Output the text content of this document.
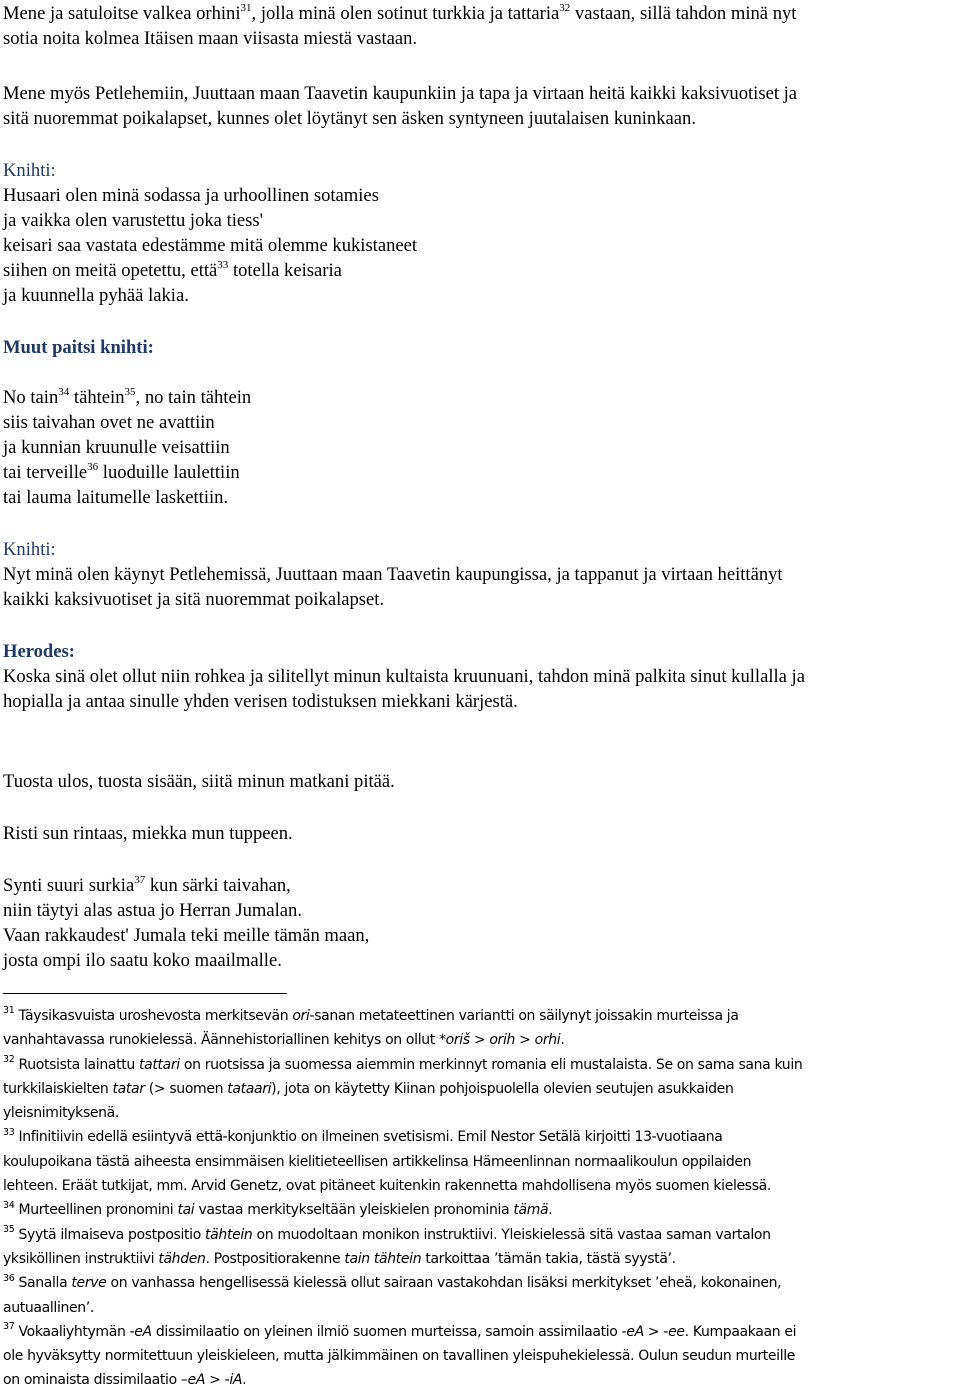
Mene ja satuloitse valkea orhini$^{31}$, jolla minä olen sotinut turkkia ja tattaria$^{32}$ vastaan, sillä tahdon minä nyt
sotia noita kolmea Itäisen maan viisasta miestä vastaan.

Mene myös Petlehemiin, Juuttaan maan Taavetin kaupunkiin ja tapa ja virtaan heitä kaikki kaksivuotiset ja
sitä nuoremmat poikalapset, kunnes olet löytänyt sen äsken syntyneen juutalaisen kuninkaan.

Knihti:
Husaari olen minä sodassa ja urhoollinen sotamies
ja vaikka olen varustettu joka tiess'
keisari saa vastata edestämme mitä olemme kukistaneet
siihen on meitä opetettu, että$^{33}$ totella keisaria
ja kuunnella pyhää lakia.
Muut paitsi knihti:
No tain$^{34}$ tähtein$^{35}$, no tain tähtein
siis taivahan ovet ne avattiin
ja kunnian kruunulle veisattiin
tai terveille$^{36}$ luoduille laulettiin
tai lauma laitumelle laskettiin.
Knihti:
Nyt minä olen käynyt Petlehemissä, Juuttaan maan Taavetin kaupungissa, ja tappanut ja virtaan heittänyt
kaikki kaksivuotiset ja sitä nuoremmat poikalapset.
Herodes:
Koska sinä olet ollut niin rohkea ja silitellyt minun kultaista kruunuani, tahdon minä palkita sinut kullalla ja
hopialla ja antaa sinulle yhden verisen todistuksen miekkani kärjestä.
Tuosta ulos, tuosta sisään, siitä minun matkani pitää.
Risti sun rintaas, miekka mun tuppeen.
Synti suuri surkia$^{37}$ kun särki taivahan,
niin täytyi alas astua jo Herran Jumalan.
Vaan rakkaudest' Jumala teki meille tämän maan,
josta ompi ilo saatu koko maailmalle.
$^{31}$ Täysikasvuista uroshevosta merkitsevän ori-sanan metateettinen variantti on säilynyt joissakin murteissa ja
vanhahtavassa runokielessä. Äännehistoriallinen kehitys on ollut *oriš > orih > orhi.
$^{32}$ Ruotsista lainattu tattari on ruotsissa ja suomessa aiemmin merkinnyt romania eli mustalaista. Se on sama sana kuin
turkkilaiskielten tatar (> suomen tataari), jota on käytetty Kiinan pohjoispuolella olevien seutujen asukkaiden
yleisnimityksenä.
$^{33}$ Infinitiivin edellä esiintyvä että-konjunktio on ilmeinen svetisismi. Emil Nestor Setälä kirjoitti 13-vuotiaana
koulupoikana tästä aiheesta ensimmäisen kielitieteellisen artikkelinsa Hämeenlinnan normaalikoulun oppilaiden
lehteen. Eräät tutkijat, mm. Arvid Genetz, ovat pitäneet kuitenkin rakennetta mahdollisena myös suomen kielessä.
$^{34}$ Murteellinen pronomini tai vastaa merkitykseltään yleiskielen pronominia tämä.
$^{35}$ Syytä ilmaiseva postpositio tähtein on muodoltaan monikon instruktiivi. Yleiskielessä sitä vastaa saman vartalon
yksiköllinen instruktiivi tähden. Postpositiorakenne tain tähtein tarkoittaa ’tämän takia, tästä syystä’.
$^{36}$ Sanalla terve on vanhassa hengellisessä kielessä ollut sairaan vastakohdan lisäksi merkitykset ’eheä, kokonainen,
autuaallinen’.
$^{37}$ Vokaaliyhtymän -eA dissimilaatio on yleinen ilmiö suomen murteissa, samoin assimilaatio -eA > -ee. Kumpaakaan ei
ole hyväksytty normitettuun yleiskieleen, mutta jälkimmäinen on tavallinen yleispuhekielessä. Oulun seudun murteille
on ominaista dissimilaatio –eA > -iA.
